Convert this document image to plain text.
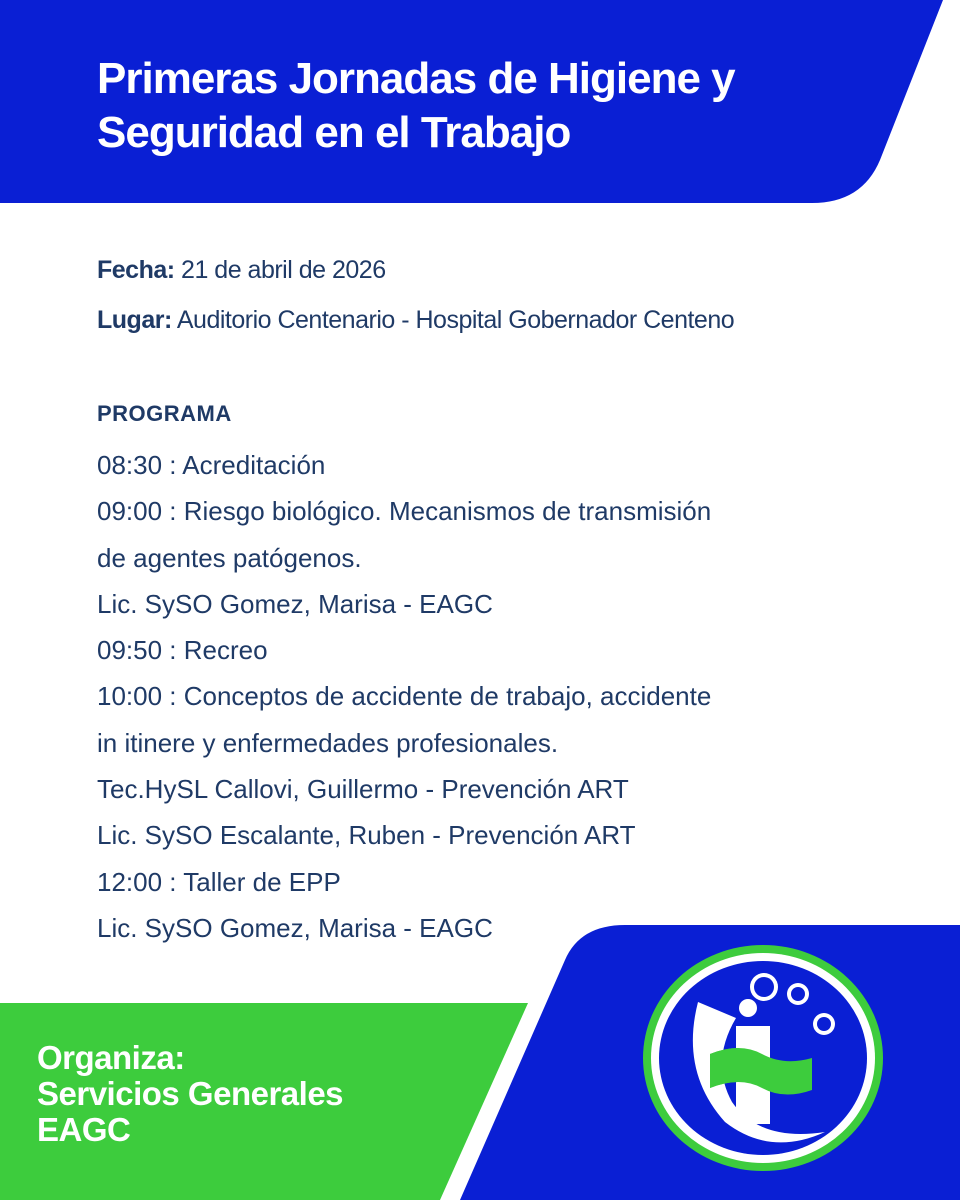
Primeras Jornadas de Higiene y
Seguridad en el Trabajo
Fecha: 21 de abril de 2026
Lugar: Auditorio Centenario - Hospital Gobernador Centeno
PROGRAMA
08:30 : Acreditación
09:00 : Riesgo biológico. Mecanismos de transmisión
de agentes patógenos.
Lic. SySO Gomez, Marisa - EAGC
09:50 : Recreo
10:00 : Conceptos de accidente de trabajo, accidente
in itinere y enfermedades profesionales.
Tec.HySL Callovi, Guillermo - Prevención ART
Lic. SySO Escalante, Ruben - Prevención ART
12:00 : Taller de EPP
Lic. SySO Gomez, Marisa - EAGC
Organiza:
Servicios Generales
EAGC
